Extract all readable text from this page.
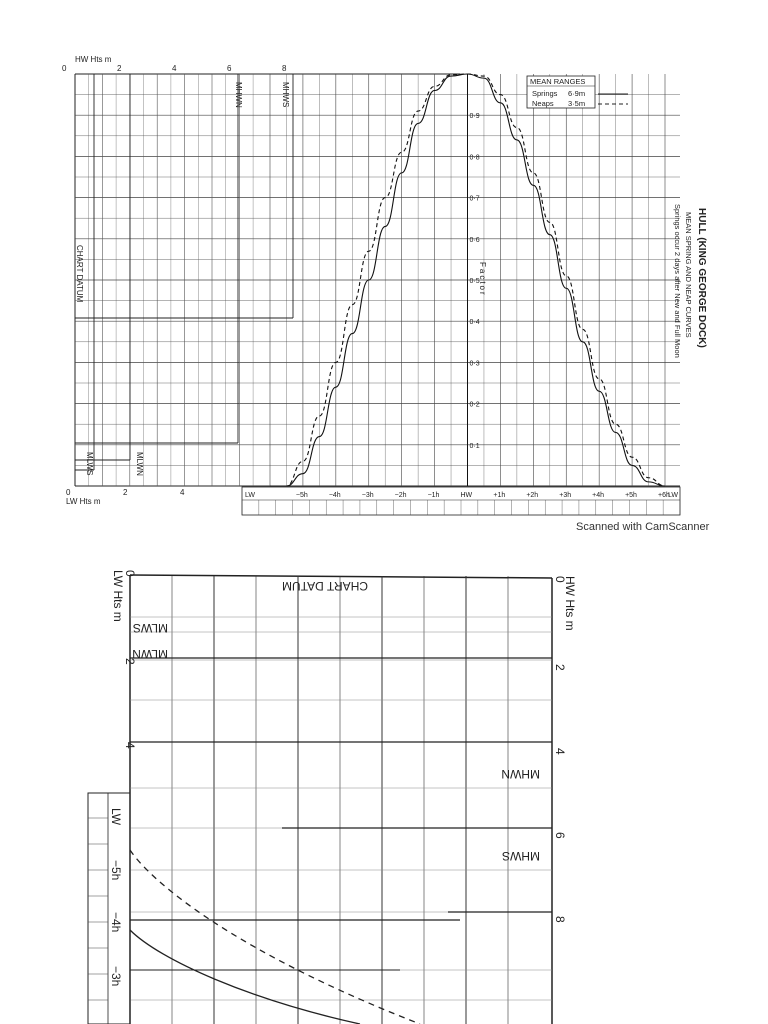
HW Hts m
0	2	4	6	8
LW Hts m
0	2	4
CHART DATUM
MLWS	MLWN
MHWN	MHWS
0·9
0·8
0·7
0·6
0·5
0·4
0·3
0·2
0·1
Factor
LW	−5h	−4h	−3h	−2h	−1h	HW	+1h	+2h	+3h	+4h	+5h	+6h
LW
MEAN RANGES
Springs 6·9m
Neaps 3·5m
HULL (KING GEORGE DOCK)
MEAN SPRING AND NEAP CURVES
Springs occur 2 days after New and Full Moon
CHART DATUM
MLWS
MLWN
MHWN
MHWS
HW Hts m
LW Hts m	0
2
4
6
8
0
2
4
LW
−5h
−4h
−3h
Scanned with CamScanner
